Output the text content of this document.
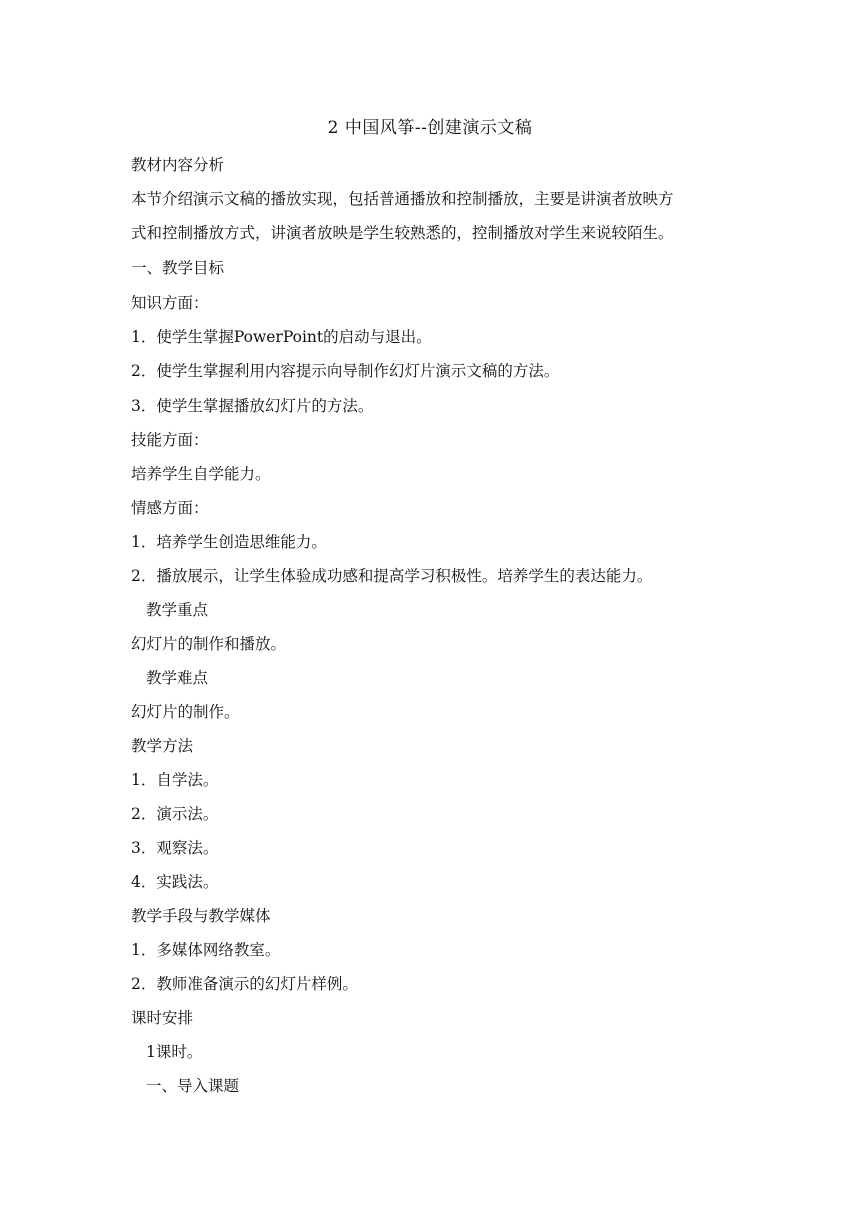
2 中国风筝--创建演示文稿
教材内容分析
本节介绍演示文稿的播放实现，包括普通播放和控制播放，主要是讲演者放映方
式和控制播放方式，讲演者放映是学生较熟悉的，控制播放对学生来说较陌生。
一、教学目标
知识方面：
1．使学生掌握PowerPoint的启动与退出。
2．使学生掌握利用内容提示向导制作幻灯片演示文稿的方法。
3．使学生掌握播放幻灯片的方法。
技能方面：
培养学生自学能力。
情感方面：
1．培养学生创造思维能力。
2．播放展示，让学生体验成功感和提高学习积极性。培养学生的表达能力。
教学重点
幻灯片的制作和播放。
教学难点
幻灯片的制作。
教学方法
1．自学法。
2．演示法。
3．观察法。
4．实践法。
教学手段与教学媒体
1．多媒体网络教室。
2．教师准备演示的幻灯片样例。
课时安排
1课时。
一、导入课题
